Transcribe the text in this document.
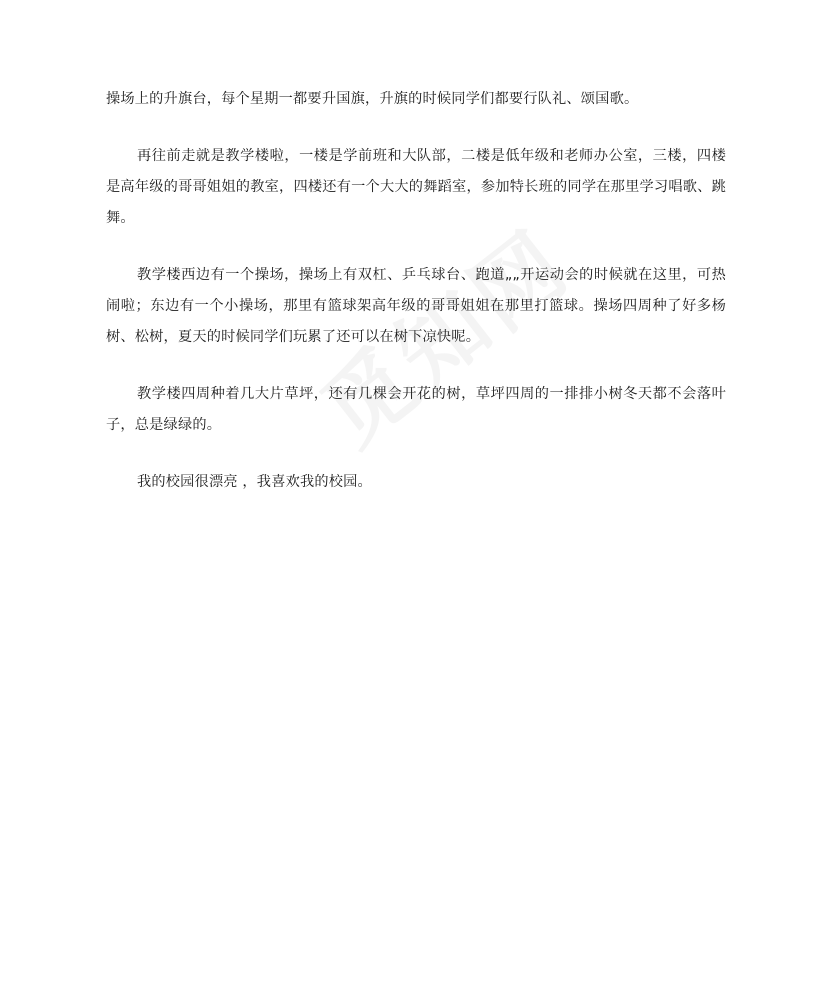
操场上的升旗台，每个星期一都要升国旗，升旗的时候同学们都要行队礼、颂国歌。

再往前走就是教学楼啦，一楼是学前班和大队部，二楼是低年级和老师办公室，三楼，四楼是高年级的哥哥姐姐的教室，四楼还有一个大大的舞蹈室，参加特长班的同学在那里学习唱歌、跳舞。

教学楼西边有一个操场，操场上有双杠、乒乓球台、跑道„„开运动会的时候就在这里，可热闹啦；东边有一个小操场，那里有篮球架高年级的哥哥姐姐在那里打篮球。操场四周种了好多杨树、松树，夏天的时候同学们玩累了还可以在树下凉快呢。

教学楼四周种着几大片草坪，还有几棵会开花的树，草坪四周的一排排小树冬天都不会落叶子，总是绿绿的。

我的校园很漂亮 ，我喜欢我的校园。
